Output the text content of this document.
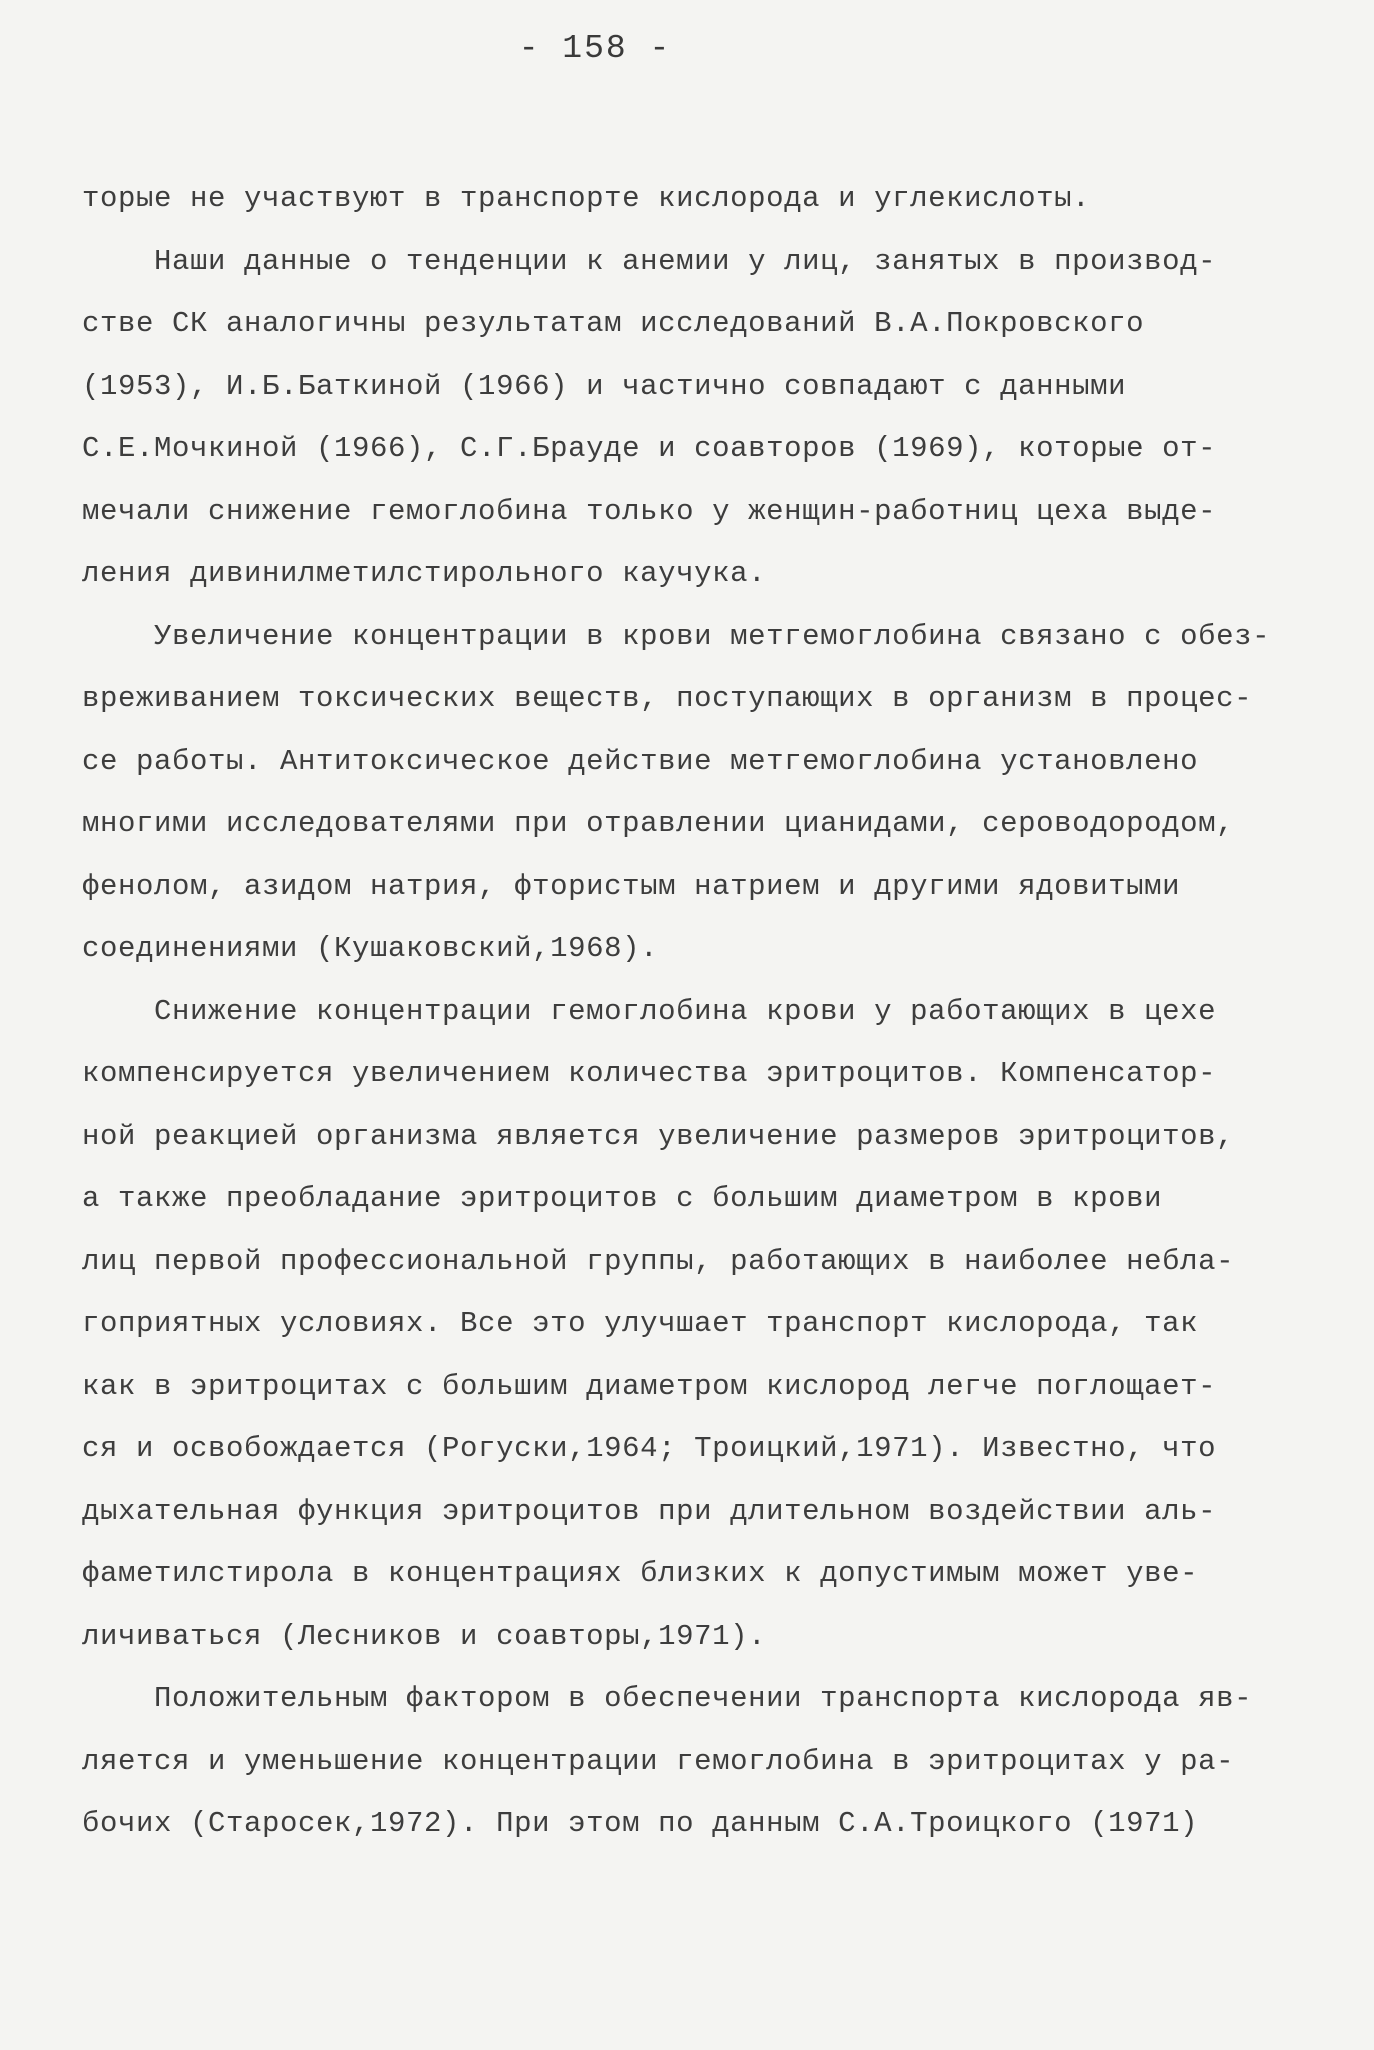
- 158 -
торые не участвуют в транспорте кислорода и углекислоты.
Наши данные о тенденции к анемии у лиц, занятых в производ-
стве СК аналогичны результатам исследований В.А.Покровского
(1953), И.Б.Баткиной (1966) и частично совпадают с данными
С.Е.Мочкиной (1966), С.Г.Брауде и соавторов (1969), которые от-
мечали снижение гемоглобина только у женщин-работниц цеха выде-
ления дивинилметилстирольного каучука.
Увеличение концентрации в крови метгемоглобина связано с обез-
вреживанием токсических веществ, поступающих в организм в процес-
се работы. Антитоксическое действие метгемоглобина установлено
многими исследователями при отравлении цианидами, сероводородом,
фенолом, азидом натрия, фтористым натрием и другими ядовитыми
соединениями (Кушаковский,1968).
Снижение концентрации гемоглобина крови у работающих в цехе
компенсируется увеличением количества эритроцитов. Компенсатор-
ной реакцией организма является увеличение размеров эритроцитов,
а также преобладание эритроцитов с большим диаметром в крови
лиц первой профессиональной группы, работающих в наиболее небла-
гоприятных условиях. Все это улучшает транспорт кислорода, так
как в эритроцитах с большим диаметром кислород легче поглощает-
ся и освобождается (Рогуски,1964; Троицкий,1971). Известно, что
дыхательная функция эритроцитов при длительном воздействии аль-
фаметилстирола в концентрациях близких к допустимым может уве-
личиваться (Лесников и соавторы,1971).
Положительным фактором в обеспечении транспорта кислорода яв-
ляется и уменьшение концентрации гемоглобина в эритроцитах у ра-
бочих (Старосек,1972). При этом по данным С.А.Троицкого (1971)
